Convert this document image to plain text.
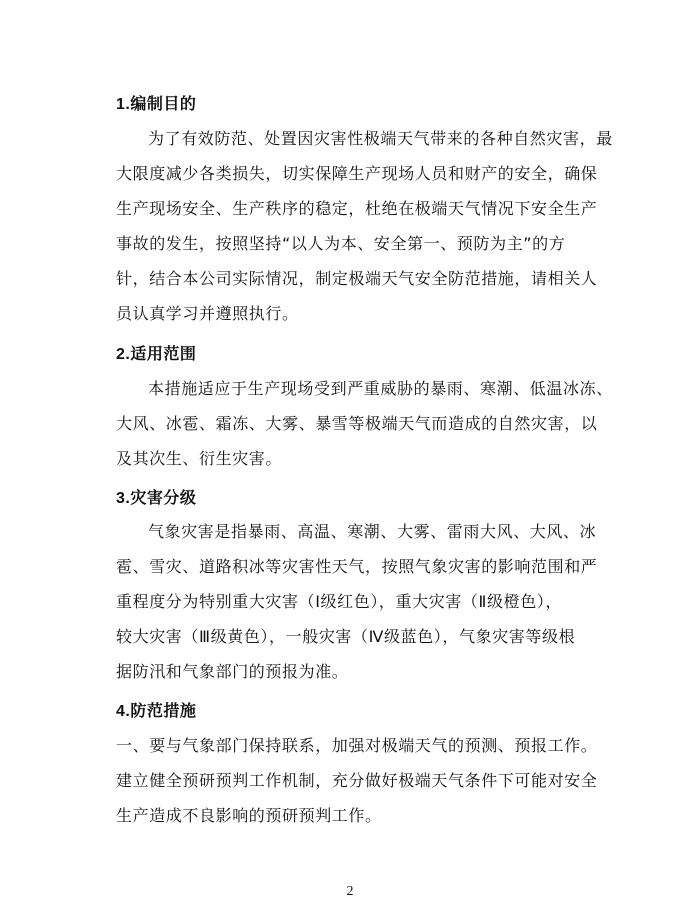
1.编制目的
为了有效防范、处置因灾害性极端天气带来的各种自然灾害，最
大限度减少各类损失，切实保障生产现场人员和财产的安全，确保
生产现场安全、生产秩序的稳定，杜绝在极端天气情况下安全生产
事故的发生，按照坚持“以人为本、安全第一、预防为主”的方
针，结合本公司实际情况，制定极端天气安全防范措施，请相关人
员认真学习并遵照执行。
2.适用范围
本措施适应于生产现场受到严重威胁的暴雨、寒潮、低温冰冻、
大风、冰雹、霜冻、大雾、暴雪等极端天气而造成的自然灾害，以
及其次生、衍生灾害。
3.灾害分级
气象灾害是指暴雨、高温、寒潮、大雾、雷雨大风、大风、冰
雹、雪灾、道路积冰等灾害性天气，按照气象灾害的影响范围和严
重程度分为特别重大灾害（Ⅰ级红色），重大灾害（Ⅱ级橙色），
较大灾害（Ⅲ级黄色），一般灾害（Ⅳ级蓝色），气象灾害等级根
据防汛和气象部门的预报为准。
4.防范措施
一、要与气象部门保持联系，加强对极端天气的预测、预报工作。
建立健全预研预判工作机制，充分做好极端天气条件下可能对安全
生产造成不良影响的预研预判工作。
2
